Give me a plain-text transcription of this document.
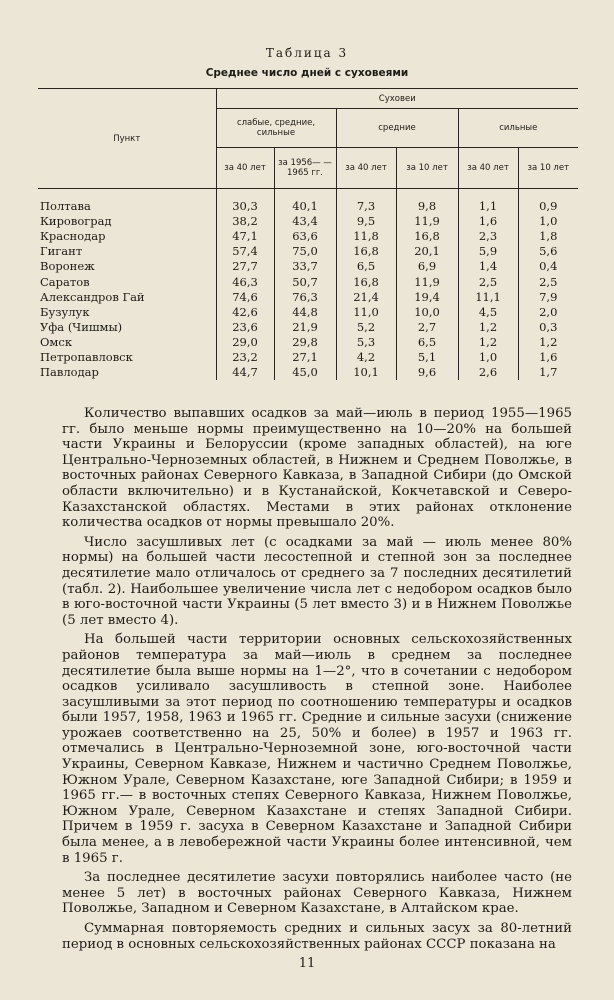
Таблица 3
Среднее число дней с суховеями
Пункт	Суховеи					
	слабые, средние, сильные		средние		сильные	
	за 40 лет	за 1956— —1965 гг.	за 40 лет	за 10 лет	за 40 лет	за 10 лет
Полтава	30,3	40,1	7,3	9,8	1,1	0,9
Кировоград	38,2	43,4	9,5	11,9	1,6	1,0
Краснодар	47,1	63,6	11,8	16,8	2,3	1,8
Гигант	57,4	75,0	16,8	20,1	5,9	5,6
Воронеж	27,7	33,7	6,5	6,9	1,4	0,4
Саратов	46,3	50,7	16,8	11,9	2,5	2,5
Александров Гай	74,6	76,3	21,4	19,4	11,1	7,9
Бузулук	42,6	44,8	11,0	10,0	4,5	2,0
Уфа (Чишмы)	23,6	21,9	5,2	2,7	1,2	0,3
Омск	29,0	29,8	5,3	6,5	1,2	1,2
Петропавловск	23,2	27,1	4,2	5,1	1,0	1,6
Павлодар	44,7	45,0	10,1	9,6	2,6	1,7

Количество выпавших осадков за май—июль в период 1955—1965 гг. было меньше нормы преимущественно на 10—20% на большей части Украины и Белоруссии (кроме западных областей), на юге Центрально-Черноземных областей, в Нижнем и Среднем Поволжье, в восточных районах Северного Кавказа, в Западной Сибири (до Омской области включительно) и в Кустанайской, Кокчетавской и Северо-Казахстанской областях. Местами в этих районах отклонение количества осадков от нормы превышало 20%.

Число засушливых лет (с осадками за май — июль менее 80% нормы) на большей части лесостепной и степной зон за последнее десятилетие мало отличалось от среднего за 7 последних десятилетий (табл. 2). Наибольшее увеличение числа лет с недобором осадков было в юго-восточной части Украины (5 лет вместо 3) и в Нижнем Поволжье (5 лет вместо 4).

На большей части территории основных сельскохозяйственных районов температура за май—июль в среднем за последнее десятилетие была выше нормы на 1—2°, что в сочетании с недобором осадков усиливало засушливость в степной зоне. Наиболее засушливыми за этот период по соотношению температуры и осадков были 1957, 1958, 1963 и 1965 гг. Средние и сильные засухи (снижение урожаев соответственно на 25, 50% и более) в 1957 и 1963 гг. отмечались в Центрально-Черноземной зоне, юго-восточной части Украины, Северном Кавказе, Нижнем и частично Среднем Поволжье, Южном Урале, Северном Казахстане, юге Западной Сибири; в 1959 и 1965 гг.— в восточных степях Северного Кавказа, Нижнем Поволжье, Южном Урале, Северном Казахстане и степях Западной Сибири. Причем в 1959 г. засуха в Северном Казахстане и Западной Сибири была менее, а в левобережной части Украины более интенсивной, чем в 1965 г.

За последнее десятилетие засухи повторялись наиболее часто (не менее 5 лет) в восточных районах Северного Кавказа, Нижнем Поволжье, Западном и Северном Казахстане, в Алтайском крае.

Суммарная повторяемость средних и сильных засух за 80-летний период в основных сельскохозяйственных районах СССР показана на

11
